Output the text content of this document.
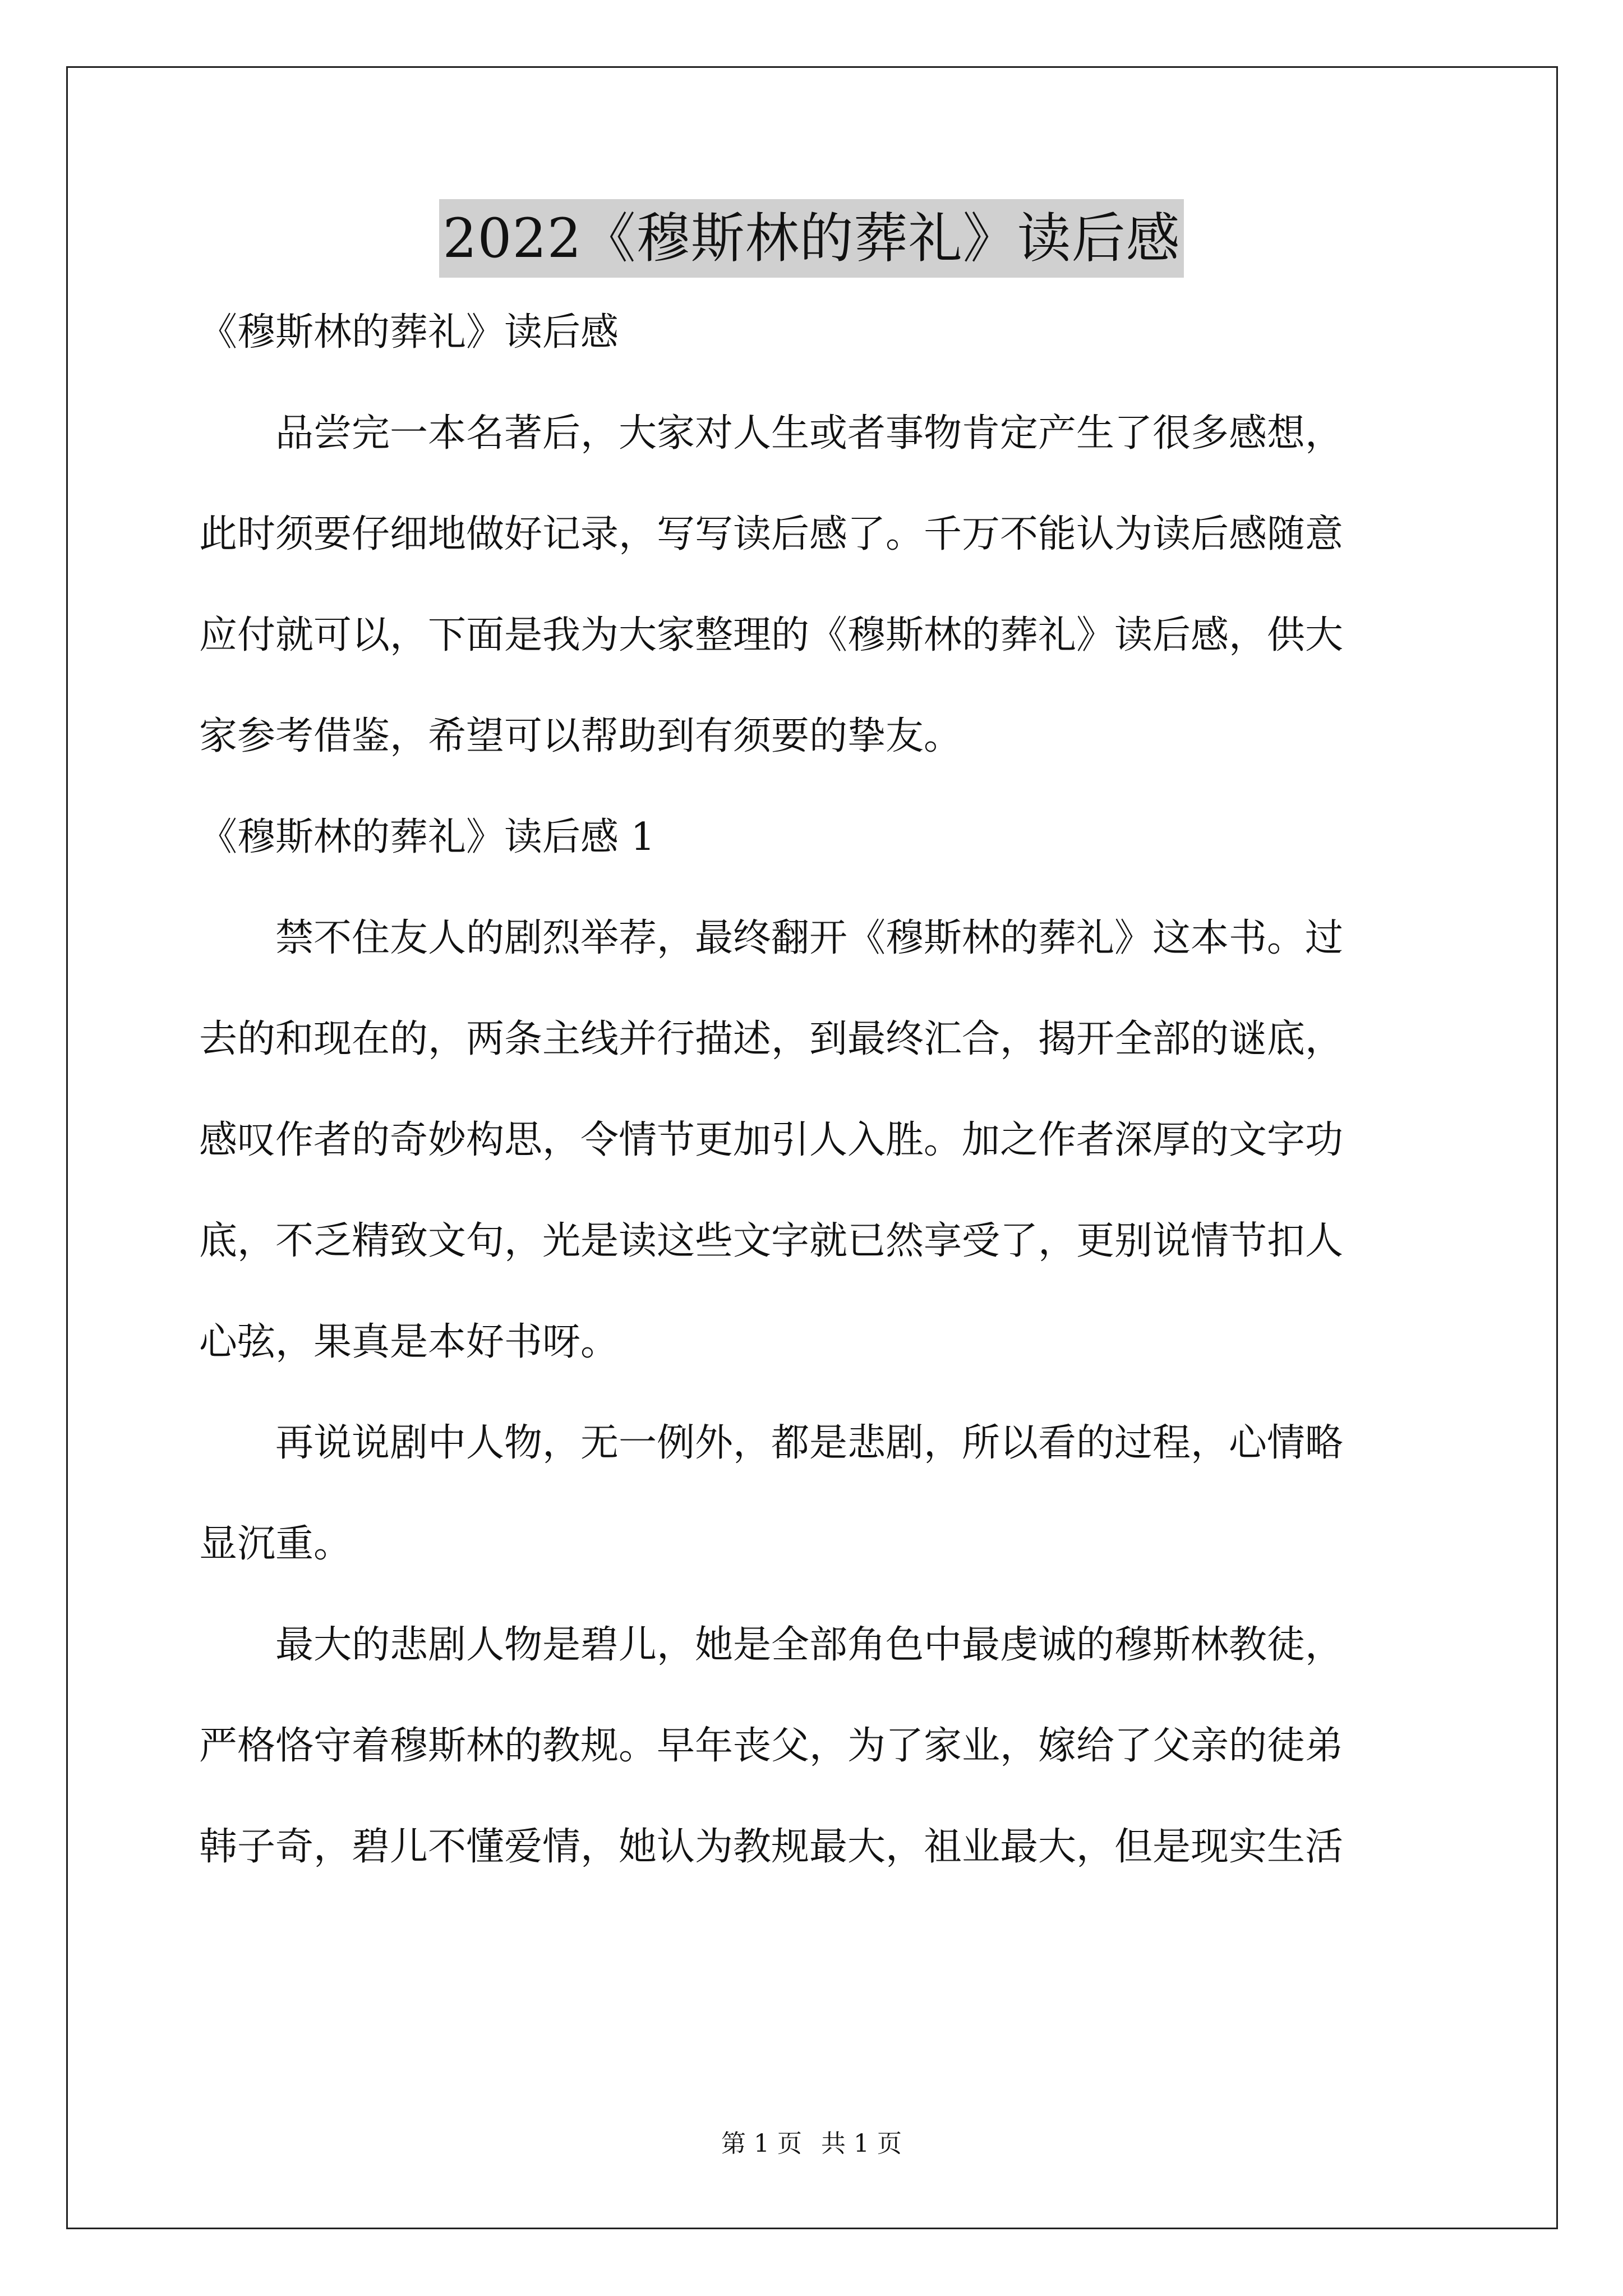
2022《穆斯林的葬礼》读后感
《穆斯林的葬礼》读后感
　　品尝完一本名著后，大家对人生或者事物肯定产生了很多感想，
此时须要仔细地做好记录，写写读后感了。千万不能认为读后感随意
应付就可以，下面是我为大家整理的《穆斯林的葬礼》读后感，供大
家参考借鉴，希望可以帮助到有须要的挚友。
《穆斯林的葬礼》读后感 1
　　禁不住友人的剧烈举荐，最终翻开《穆斯林的葬礼》这本书。过
去的和现在的，两条主线并行描述，到最终汇合，揭开全部的谜底，
感叹作者的奇妙构思，令情节更加引人入胜。加之作者深厚的文字功
底，不乏精致文句，光是读这些文字就已然享受了，更别说情节扣人
心弦，果真是本好书呀。
　　再说说剧中人物，无一例外，都是悲剧，所以看的过程，心情略
显沉重。
　　最大的悲剧人物是碧儿，她是全部角色中最虔诚的穆斯林教徒，
严格恪守着穆斯林的教规。早年丧父，为了家业，嫁给了父亲的徒弟
韩子奇，碧儿不懂爱情，她认为教规最大，祖业最大，但是现实生活
第 1 页 共 1 页
